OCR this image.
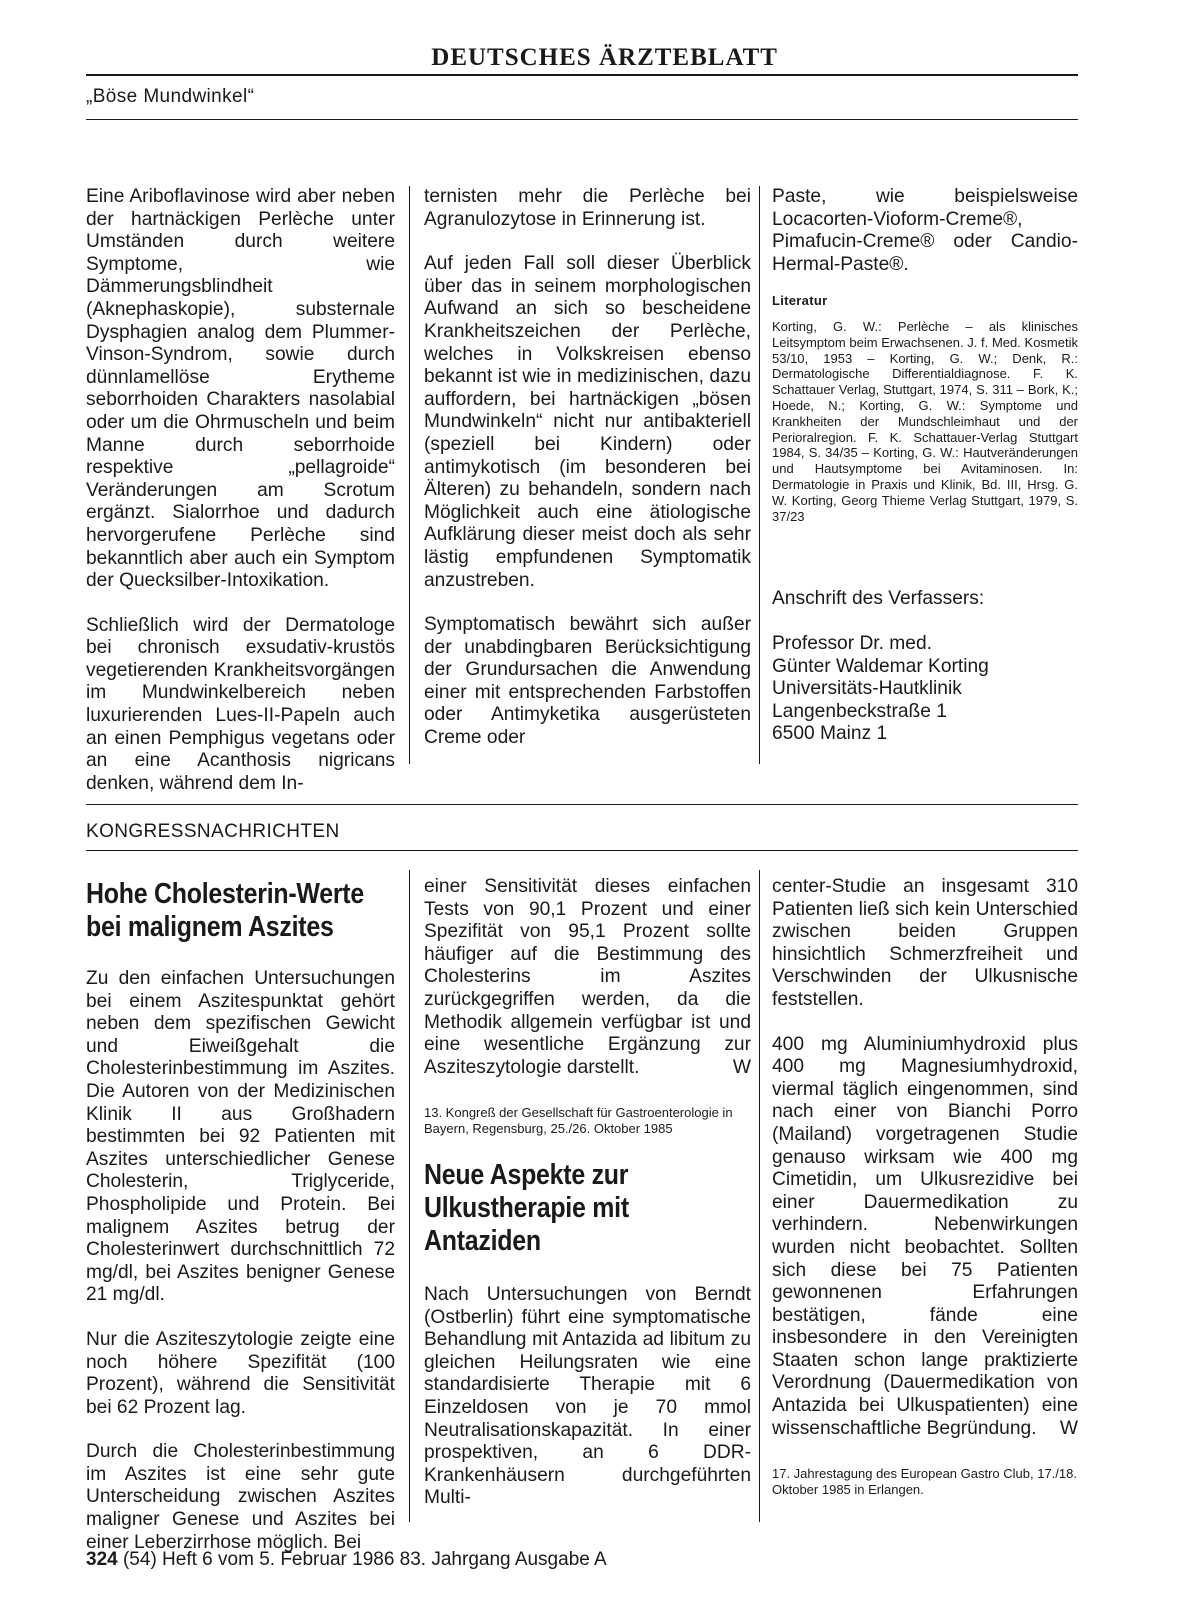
DEUTSCHES ÄRZTEBLATT
„Böse Mundwinkel“

Eine Ariboflavinose wird aber neben der hartnäckigen Perlèche unter Umständen durch weitere Symptome, wie Dämmerungsblindheit (Aknephaskopie), substernale Dysphagien analog dem Plummer-Vinson-Syndrom, sowie durch dünnlamellöse Erytheme seborrhoiden Charakters nasolabial oder um die Ohrmuscheln und beim Manne durch seborrhoide respektive „pellagroide“ Veränderungen am Scrotum ergänzt. Sialorrhoe und dadurch hervorgerufene Perlèche sind bekanntlich aber auch ein Symptom der Quecksilber-Intoxikation.

Schließlich wird der Dermatologe bei chronisch exsudativ-krustös vegetierenden Krankheitsvorgängen im Mundwinkelbereich neben luxurierenden Lues-II-Papeln auch an einen Pemphigus vegetans oder an eine Acanthosis nigricans denken, während dem In-

ternisten mehr die Perlèche bei Agranulozytose in Erinnerung ist.

Auf jeden Fall soll dieser Überblick über das in seinem morphologischen Aufwand an sich so bescheidene Krankheitszeichen der Perlèche, welches in Volkskreisen ebenso bekannt ist wie in medizinischen, dazu auffordern, bei hartnäckigen „bösen Mundwinkeln“ nicht nur antibakteriell (speziell bei Kindern) oder antimykotisch (im besonderen bei Älteren) zu behandeln, sondern nach Möglichkeit auch eine ätiologische Aufklärung dieser meist doch als sehr lästig empfundenen Symptomatik anzustreben.

Symptomatisch bewährt sich außer der unabdingbaren Berücksichtigung der Grundursachen die Anwendung einer mit entsprechenden Farbstoffen oder Antimyketika ausgerüsteten Creme oder

Paste, wie beispielsweise Locacorten-Vioform-Creme®, Pimafucin-Creme® oder Candio-Hermal-Paste®.

Literatur

Korting, G. W.: Perlèche – als klinisches Leitsymptom beim Erwachsenen. J. f. Med. Kosmetik 53/10, 1953 – Korting, G. W.; Denk, R.: Dermatologische Differentialdiagnose. F. K. Schattauer Verlag, Stuttgart, 1974, S. 311 – Bork, K.; Hoede, N.; Korting, G. W.: Symptome und Krankheiten der Mundschleimhaut und der Perioralregion. F. K. Schattauer-Verlag Stuttgart 1984, S. 34/35 – Korting, G. W.: Hautveränderungen und Hautsymptome bei Avitaminosen. In: Dermatologie in Praxis und Klinik, Bd. III, Hrsg. G. W. Korting, Georg Thieme Verlag Stuttgart, 1979, S. 37/23

Anschrift des Verfassers:
Professor Dr. med.
Günter Waldemar Korting
Universitäts-Hautklinik
Langenbeckstraße 1
6500 Mainz 1
KONGRESSNACHRICHTEN
Hohe Cholesterin-Werte bei malignem Aszites

Zu den einfachen Untersuchungen bei einem Aszitespunktat gehört neben dem spezifischen Gewicht und Eiweißgehalt die Cholesterinbestimmung im Aszites. Die Autoren von der Medizinischen Klinik II aus Großhadern bestimmten bei 92 Patienten mit Aszites unterschiedlicher Genese Cholesterin, Triglyceride, Phospholipide und Protein. Bei malignem Aszites betrug der Cholesterinwert durchschnittlich 72 mg/dl, bei Aszites benigner Genese 21 mg/dl.

Nur die Asziteszytologie zeigte eine noch höhere Spezifität (100 Prozent), während die Sensitivität bei 62 Prozent lag.

Durch die Cholesterinbestimmung im Aszites ist eine sehr gute Unterscheidung zwischen Aszites maligner Genese und Aszites bei einer Leberzirrhose möglich. Bei

einer Sensitivität dieses einfachen Tests von 90,1 Prozent und einer Spezifität von 95,1 Prozent sollte häufiger auf die Bestimmung des Cholesterins im Aszites zurückgegriffen werden, da die Methodik allgemein verfügbar ist und eine wesentliche Ergänzung zur Asziteszytologie darstellt.	W

13. Kongreß der Gesellschaft für Gastroenterologie in Bayern, Regensburg, 25./26. Oktober 1985

Neue Aspekte zur Ulkustherapie mit Antaziden

Nach Untersuchungen von Berndt (Ostberlin) führt eine symptomatische Behandlung mit Antazida ad libitum zu gleichen Heilungsraten wie eine standardisierte Therapie mit 6 Einzeldosen von je 70 mmol Neutralisationskapazität. In einer prospektiven, an 6 DDR-Krankenhäusern durchgeführten Multi-

center-Studie an insgesamt 310 Patienten ließ sich kein Unterschied zwischen beiden Gruppen hinsichtlich Schmerzfreiheit und Verschwinden der Ulkusnische feststellen.

400 mg Aluminiumhydroxid plus 400 mg Magnesiumhydroxid, viermal täglich eingenommen, sind nach einer von Bianchi Porro (Mailand) vorgetragenen Studie genauso wirksam wie 400 mg Cimetidin, um Ulkusrezidive bei einer Dauermedikation zu verhindern. Nebenwirkungen wurden nicht beobachtet. Sollten sich diese bei 75 Patienten gewonnenen Erfahrungen bestätigen, fände eine insbesondere in den Vereinigten Staaten schon lange praktizierte Verordnung (Dauermedikation von Antazida bei Ulkuspatienten) eine wissenschaftliche Begründung. W

17. Jahrestagung des European Gastro Club, 17./18. Oktober 1985 in Erlangen.

324 (54) Heft 6 vom 5. Februar 1986 83. Jahrgang Ausgabe A
